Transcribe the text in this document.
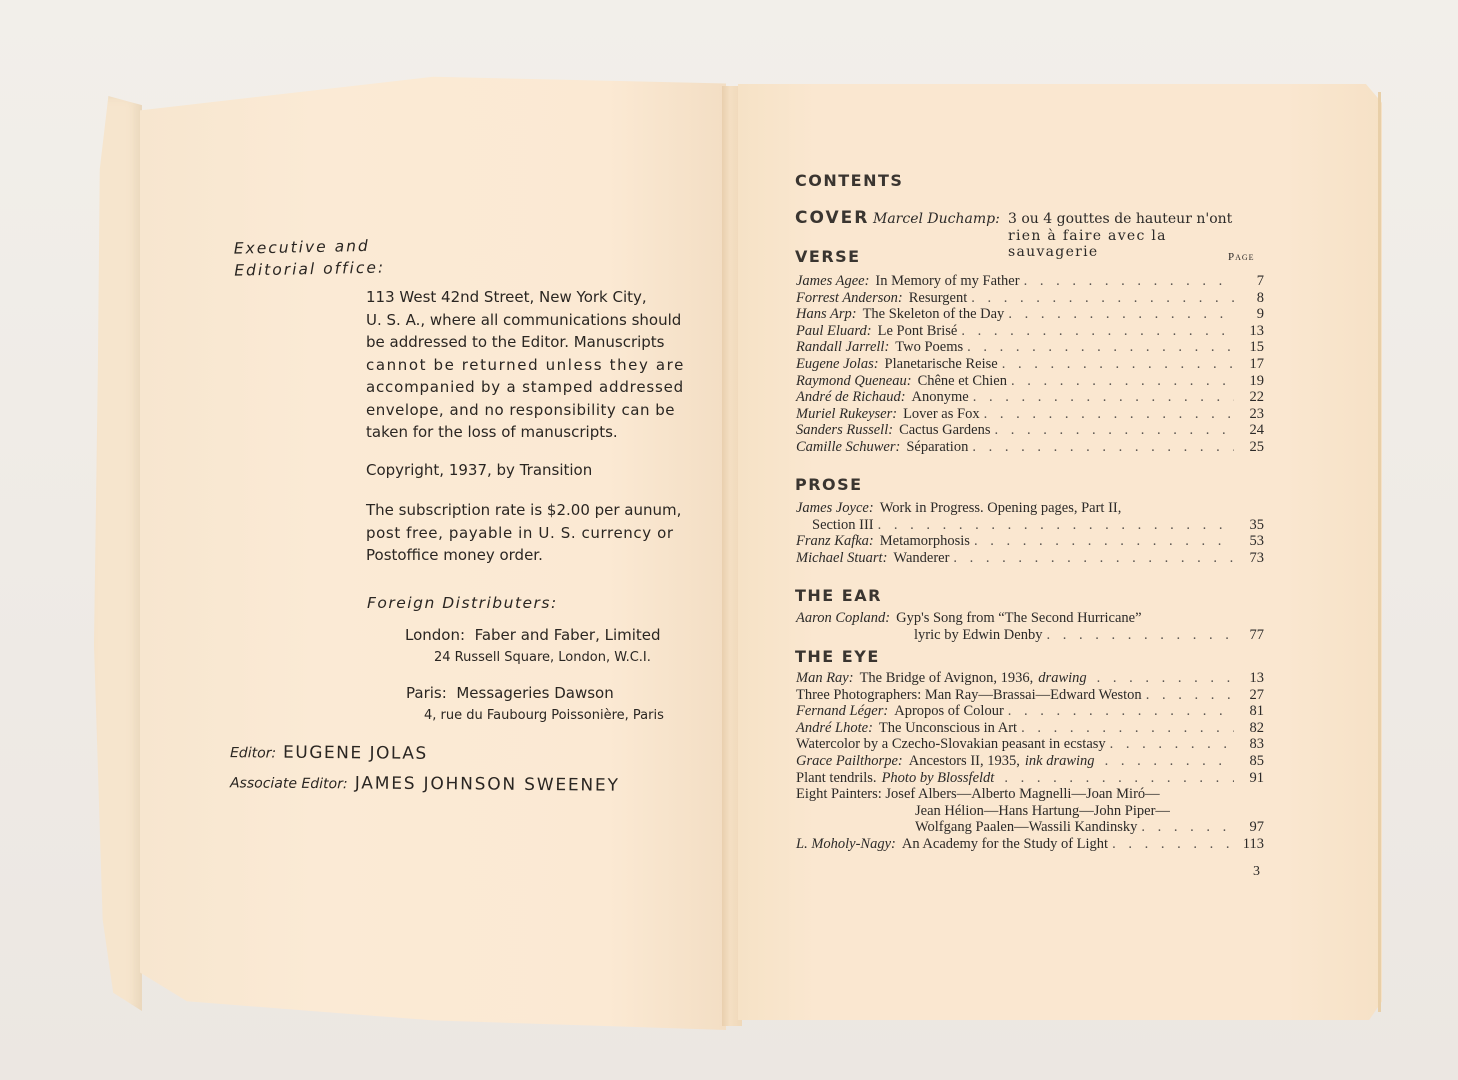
Executive and
Editorial office:
113 West 42nd Street, New York City,
U. S. A., where all communications should
be addressed to the Editor. Manuscripts
cannot be returned unless they are
accompanied by a stamped addressed
envelope, and no responsibility can be
taken for the loss of manuscripts.
Copyright, 1937, by Transition
The subscription rate is $2.00 per aunum,
post free, payable in U. S. currency or
Postoffice money order.
Foreign Distributers:
London: Faber and Faber, Limited
24 Russell Square, London, W.C.I.
Paris: Messageries Dawson
4, rue du Faubourg Poissonière, Paris
Editor: EUGENE JOLAS
Associate Editor: JAMES JOHNSON SWEENEY
CONTENTS
COVER Marcel Duchamp: 3 ou 4 gouttes de hauteur n'ont
rien à faire avec la sauvagerie
VERSE	Page
James Agee: In Memory of my Father . . .	7
Forrest Anderson: Resurgent . . .	8
Hans Arp: The Skeleton of the Day . . .	9
Paul Eluard: Le Pont Brisé . . .	13
Randall Jarrell: Two Poems . . .	15
Eugene Jolas: Planetarische Reise . . .	17
Raymond Queneau: Chêne et Chien . . .	19
André de Richaud: Anonyme . . .	22
Muriel Rukeyser: Lover as Fox . . .	23
Sanders Russell: Cactus Gardens . . .	24
Camille Schuwer: Séparation . . .	25
PROSE
James Joyce: Work in Progress. Opening pages, Part II,
Section III . . .	35
Franz Kafka: Metamorphosis . . .	53
Michael Stuart: Wanderer . . .	73
THE EAR
Aaron Copland: Gyp's Song from “The Second Hurricane”
lyric by Edwin Denby . . .	77
THE EYE
Man Ray: The Bridge of Avignon, 1936, drawing . . .	13
Three Photographers: Man Ray—Brassai—Edward Weston . . .	27
Fernand Léger: Apropos of Colour . . .	81
André Lhote: The Unconscious in Art . . .	82
Watercolor by a Czecho-Slovakian peasant in ecstasy . . .	83
Grace Pailthorpe: Ancestors II, 1935, ink drawing . . .	85
Plant tendrils. Photo by Blossfeldt . . .	91
Eight Painters: Josef Albers—Alberto Magnelli—Joan Miró—
Jean Hélion—Hans Hartung—John Piper—
Wolfgang Paalen—Wassili Kandinsky . . .	97
L. Moholy-Nagy: An Academy for the Study of Light . . .	113
3
